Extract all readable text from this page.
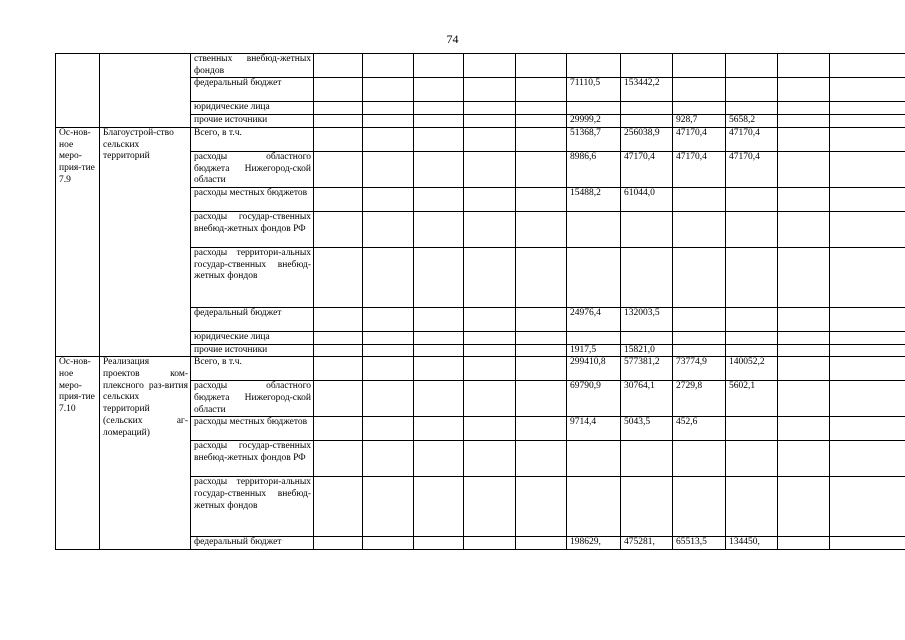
74
		ственных внебюд-жетных фондов											
		федеральный бюджет						71110,5	153442,2				
		юридические лица											
		прочие источники						29999,2		928,7	5658,2		
Ос-нов-ное меро-прия-тие 7.9	Благоустрой-ство сельских территорий	Всего, в т.ч.						51368,7	256038,9	47170,4	47170,4		
		расходы областного бюджета Нижегород-ской области						8986,6	47170,4	47170,4	47170,4		
		расходы местных бюджетов						15488,2	61044,0				
		расходы государ-ственных внебюд-жетных фондов РФ											
		расходы территори-альных государ-ственных внебюд-жетных фондов											
		федеральный бюджет						24976,4	132003,5				
		юридические лица											
		прочие источники						1917,5	15821,0				
Ос-нов-ное меро-прия-тие 7.10	Реализация проектов ком-плексного раз-вития сельских территорий (сельских аг-ломераций)	Всего, в т.ч.						299410,8	577381,2	73774,9	140052,2		
		расходы областного бюджета Нижегород-ской области						69790,9	30764,1	2729,8	5602,1		
		расходы местных бюджетов						9714,4	5043,5	452,6			
		расходы государ-ственных внебюд-жетных фондов РФ											
		расходы территори-альных государ-ственных внебюд-жетных фондов											
		федеральный бюджет						198629,	475281,	65513,5	134450,		
